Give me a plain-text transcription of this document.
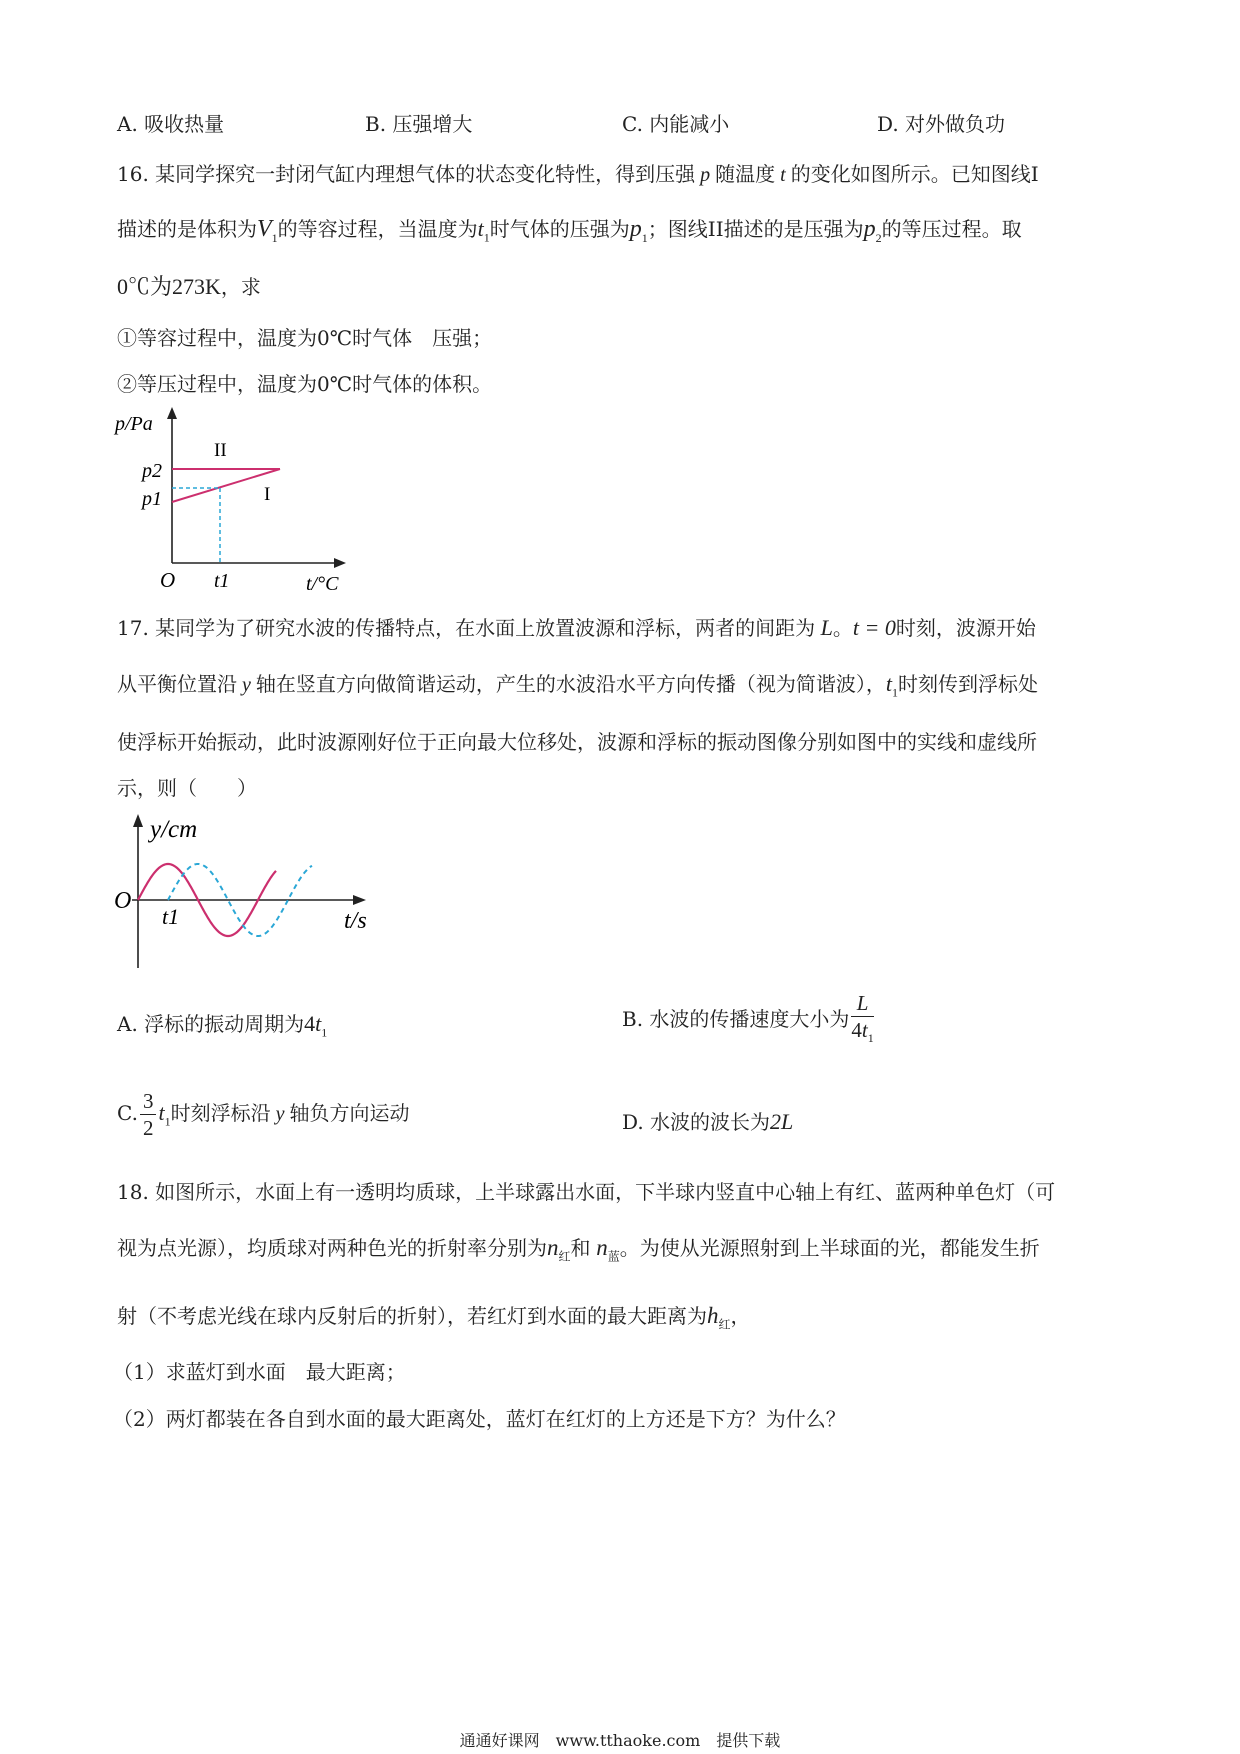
A. 吸收热量	B. 压强增大	C. 内能减小	D. 对外做负功
16. 某同学探究一封闭气缸内理想气体的状态变化特性，得到压强 p 随温度 t 的变化如图所示。已知图线I
描述的是体积为$V_1$的等容过程，当温度为$t_1$时气体的压强为$p_1$；图线II描述的是压强为$p_2$的等压过程。取
0℃为273K，求
①等容过程中，温度为0℃时气体　压强；
②等压过程中，温度为0℃时气体的体积。
p/Pa
p2
p1
II
I
O t1	t/°C
17. 某同学为了研究水波的传播特点，在水面上放置波源和浮标，两者的间距为 L。t = 0时刻，波源开始
从平衡位置沿 y 轴在竖直方向做简谐运动，产生的水波沿水平方向传播（视为简谐波），$t_1$时刻传到浮标处
使浮标开始振动，此时波源刚好位于正向最大位移处，波源和浮标的振动图像分别如图中的实线和虚线所
示，则（　　）
y/cm
O
t1	t/s
A. 浮标的振动周期为$4t_1$
B. 水波的传播速度大小为 $\frac{L}{4t_1}$
C. $\frac{3}{2} t_1$时刻浮标沿 y 轴负方向运动	D. 水波的波长为2L
18. 如图所示，水面上有一透明均质球，上半球露出水面，下半球内竖直中心轴上有红、蓝两种单色灯（可
视为点光源），均质球对两种色光的折射率分别为$n_红$和 $n_蓝$。为使从光源照射到上半球面的光，都能发生折
射（不考虑光线在球内反射后的折射），若红灯到水面的最大距离为$h_红$，
（1）求蓝灯到水面　最大距离；
（2）两灯都装在各自到水面的最大距离处，蓝灯在红灯的上方还是下方？为什么？
通通好课网　www.tthaoke.com　提供下载
